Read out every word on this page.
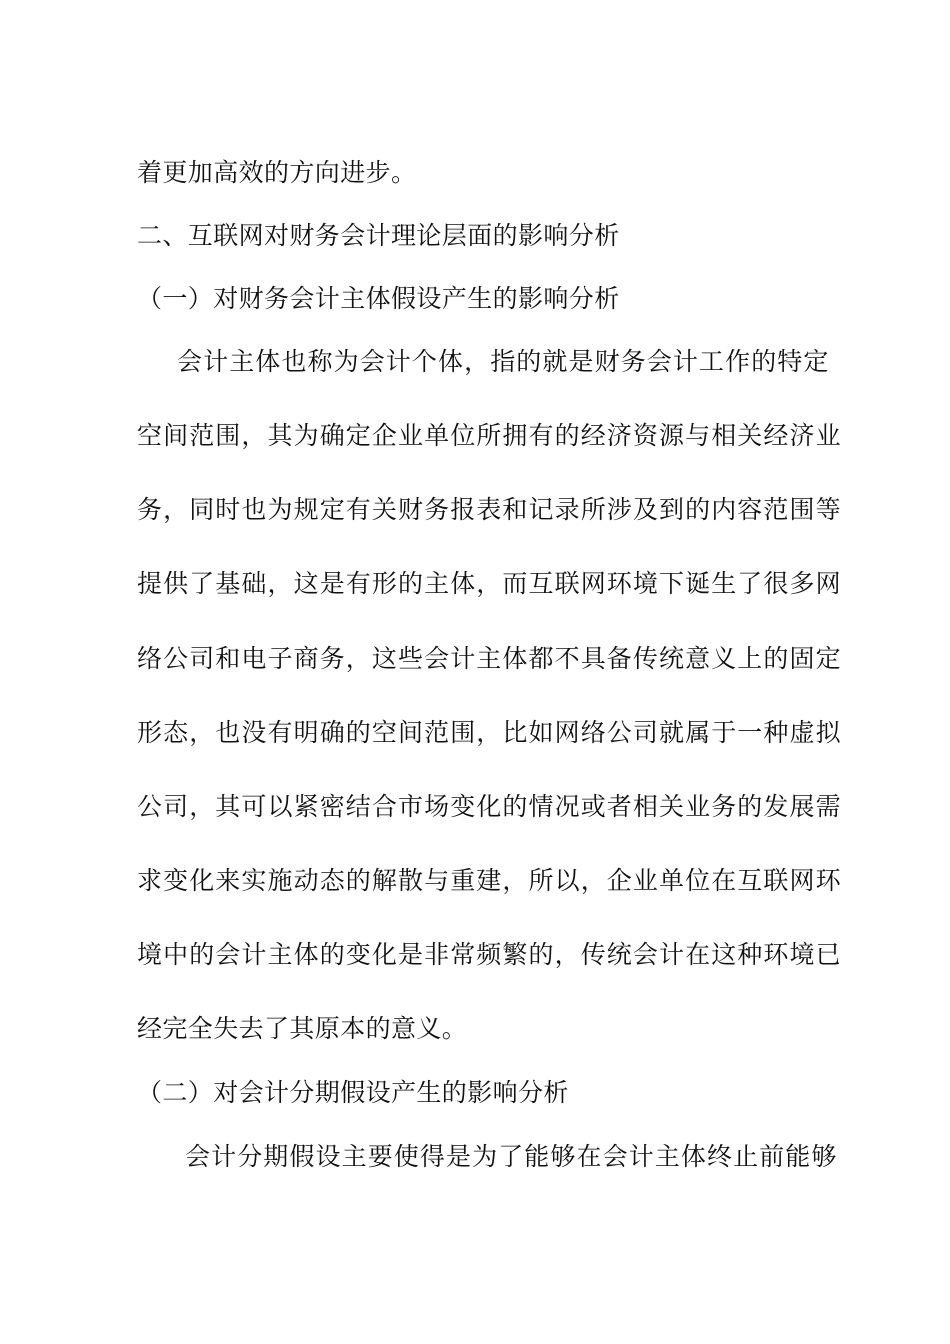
着更加高效的方向进步。
二、互联网对财务会计理论层面的影响分析
（一）对财务会计主体假设产生的影响分析
会计主体也称为会计个体，指的就是财务会计工作的特定
空间范围，其为确定企业单位所拥有的经济资源与相关经济业
务，同时也为规定有关财务报表和记录所涉及到的内容范围等
提供了基础，这是有形的主体，而互联网环境下诞生了很多网
络公司和电子商务，这些会计主体都不具备传统意义上的固定
形态，也没有明确的空间范围，比如网络公司就属于一种虚拟
公司，其可以紧密结合市场变化的情况或者相关业务的发展需
求变化来实施动态的解散与重建，所以，企业单位在互联网环
境中的会计主体的变化是非常频繁的，传统会计在这种环境已
经完全失去了其原本的意义。
（二）对会计分期假设产生的影响分析
会计分期假设主要使得是为了能够在会计主体终止前能够
